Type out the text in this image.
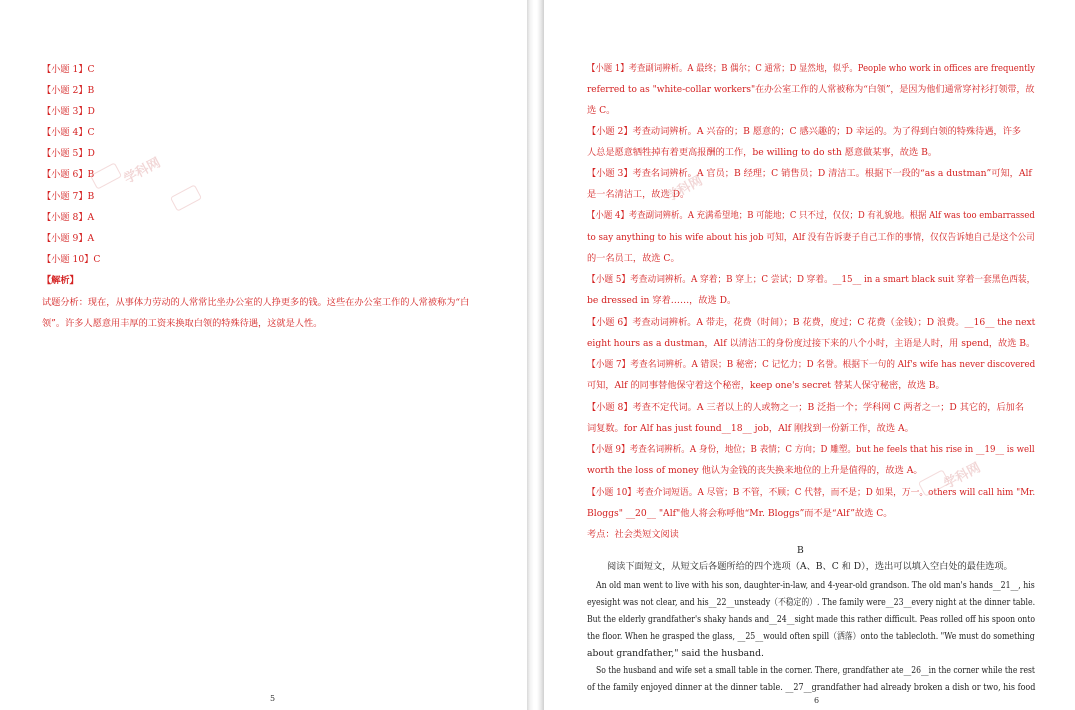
【小题 1】C
【小题 2】B
【小题 3】D
【小题 4】C
【小题 5】D
【小题 6】B
【小题 7】B
【小题 8】A
【小题 9】A
【小题 10】C
【解析】
试题分析：现在，从事体力劳动的人常常比坐办公室的人挣更多的钱。这些在办公室工作的人常被称为“白
领”。许多人愿意用丰厚的工资来换取白领的特殊待遇，这就是人性。
学科网
5
【小题 1】考查副词辨析。A 最终；B 偶尔；C 通常；D 显然地，似乎。People who work in offices are frequently
referred to as "white-collar workers"在办公室工作的人常被称为“白领”，是因为他们通常穿衬衫打领带，故
选 C。
【小题 2】考查动词辨析。A 兴奋的；B 愿意的；C 感兴趣的；D 幸运的。为了得到白领的特殊待遇，许多
人总是愿意牺牲掉有着更高报酬的工作，be willing to do sth 愿意做某事，故选 B。
【小题 3】考查名词辨析。A 官员；B 经理；C 销售员；D 清洁工。根据下一段的“as a dustman”可知，Alf
是一名清洁工，故选 D。
【小题 4】考查副词辨析。A 充满希望地；B 可能地；C 只不过，仅仅；D 有礼貌地。根据 Alf was too embarrassed
to say anything to his wife about his job 可知，Alf 没有告诉妻子自己工作的事情，仅仅告诉她自己是这个公司
的一名员工，故选 C。
【小题 5】考查动词辨析。A 穿着；B 穿上；C 尝试；D 穿着。__15__ in a smart black suit 穿着一套黑色西装，
be dressed in 穿着……，故选 D。
【小题 6】考查动词辨析。A 带走，花费（时间）；B 花费，度过；C 花费（金钱）；D 浪费。__16__ the next
eight hours as a dustman，Alf 以清洁工的身份度过接下来的八个小时，主语是人时，用 spend，故选 B。
【小题 7】考查名词辨析。A 错误；B 秘密；C 记忆力；D 名誉。根据下一句的 Alf's wife has never discovered
可知，Alf 的同事替他保守着这个秘密，keep one's secret 替某人保守秘密，故选 B。
【小题 8】考查不定代词。A 三者以上的人或物之一；B 泛指一个；学科网 C 两者之一；D 其它的，后加名
词复数。for Alf has just found__18__ job，Alf 刚找到一份新工作，故选 A。
【小题 9】考查名词辨析。A 身份，地位；B 表情；C 方向；D 雕塑。but he feels that his rise in __19__ is well
worth the loss of money 他认为金钱的丧失换来地位的上升是值得的，故选 A。
【小题 10】考查介词短语。A 尽管；B 不管，不顾；C 代替，而不是；D 如果，万一。others will call him "Mr.
Bloggs" __20__ "Alf"他人将会称呼他“Mr. Bloggs”而不是“Alf”故选 C。
考点：社会类短文阅读
B
阅读下面短文，从短文后各题所给的四个选项（A、B、C 和 D），选出可以填入空白处的最佳选项。
An old man went to live with his son, daughter-in-law, and 4-year-old grandson. The old man's hands__21__, his
eyesight was not clear, and his__22__unsteady（不稳定的）. The family were__23__every night at the dinner table.
But the elderly grandfather's shaky hands and__24__sight made this rather difficult. Peas rolled off his spoon onto
the floor. When he grasped the glass, __25__would often spill（洒落）onto the tablecloth. "We must do something
about grandfather," said the husband.
So the husband and wife set a small table in the corner. There, grandfather ate__26__in the corner while the rest
of the family enjoyed dinner at the dinner table. __27__grandfather had already broken a dish or two, his food
学科网
学科网
6
